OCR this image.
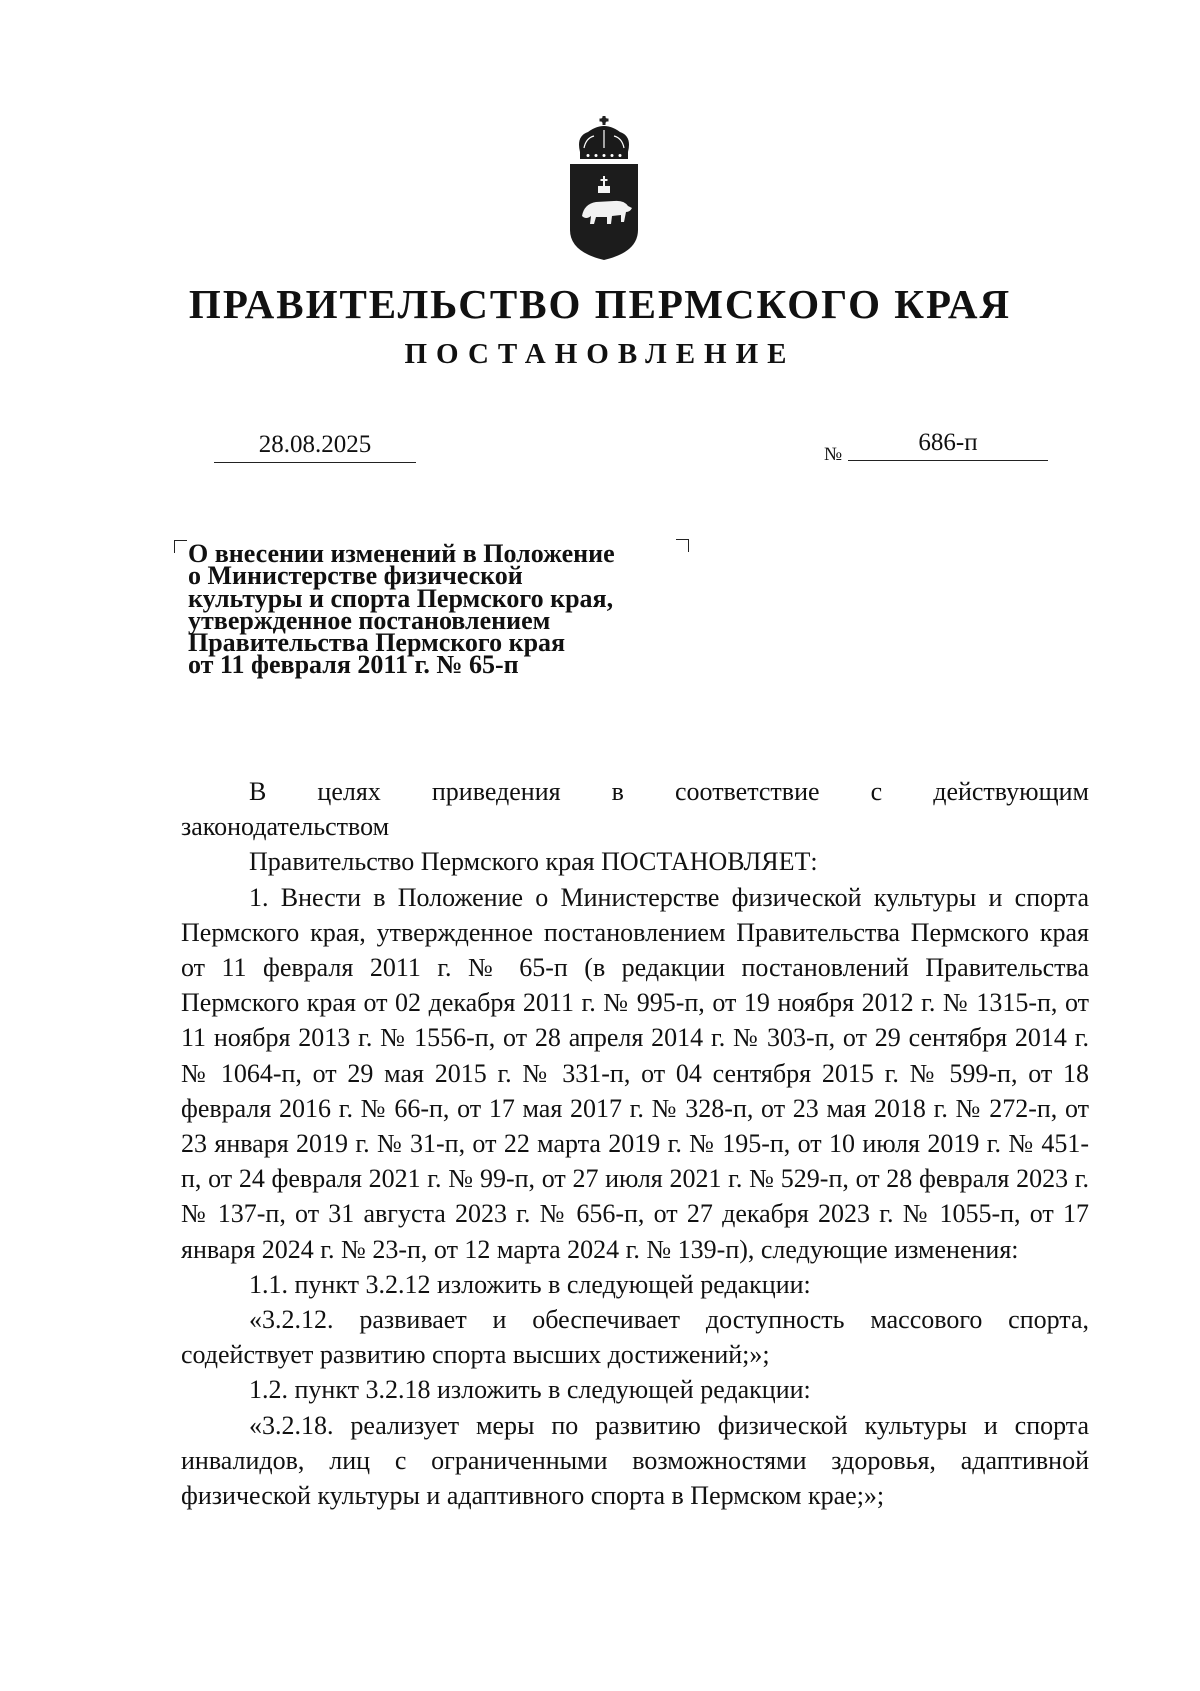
ПРАВИТЕЛЬСТВО ПЕРМСКОГО КРАЯ
ПОСТАНОВЛЕНИЕ
28.08.2025	№	686-п
О внесении изменений в Положение
о Министерстве физической
культуры и спорта Пермского края,
утвержденное постановлением
Правительства Пермского края
от 11 февраля 2011 г. № 65-п

В целях приведения в соответствие с действующим

законодательством

Правительство Пермского края ПОСТАНОВЛЯЕТ:

1. Внести в Положение о Министерстве физической культуры и спорта Пермского края, утвержденное постановлением Правительства Пермского края от 11 февраля 2011 г. № 65-п (в редакции постановлений Правительства Пермского края от 02 декабря 2011 г. № 995-п, от 19 ноября 2012 г. № 1315-п, от 11 ноября 2013 г. № 1556-п, от 28 апреля 2014 г. № 303-п, от 29 сентября 2014 г. № 1064-п, от 29 мая 2015 г. № 331-п, от 04 сентября 2015 г. № 599-п, от 18 февраля 2016 г. № 66-п, от 17 мая 2017 г. № 328-п, от 23 мая 2018 г. № 272-п, от 23 января 2019 г. № 31-п, от 22 марта 2019 г. № 195-п, от 10 июля 2019 г. № 451-п, от 24 февраля 2021 г. № 99-п, от 27 июля 2021 г. № 529-п, от 28 февраля 2023 г. № 137-п, от 31 августа 2023 г. № 656-п, от 27 декабря 2023 г. № 1055-п, от 17 января 2024 г. № 23-п, от 12 марта 2024 г. № 139-п), следующие изменения:

1.1. пункт 3.2.12 изложить в следующей редакции:

«3.2.12. развивает и обеспечивает доступность массового спорта, содействует развитию спорта высших достижений;»;

1.2. пункт 3.2.18 изложить в следующей редакции:

«3.2.18. реализует меры по развитию физической культуры и спорта инвалидов, лиц с ограниченными возможностями здоровья, адаптивной физической культуры и адаптивного спорта в Пермском крае;»;
